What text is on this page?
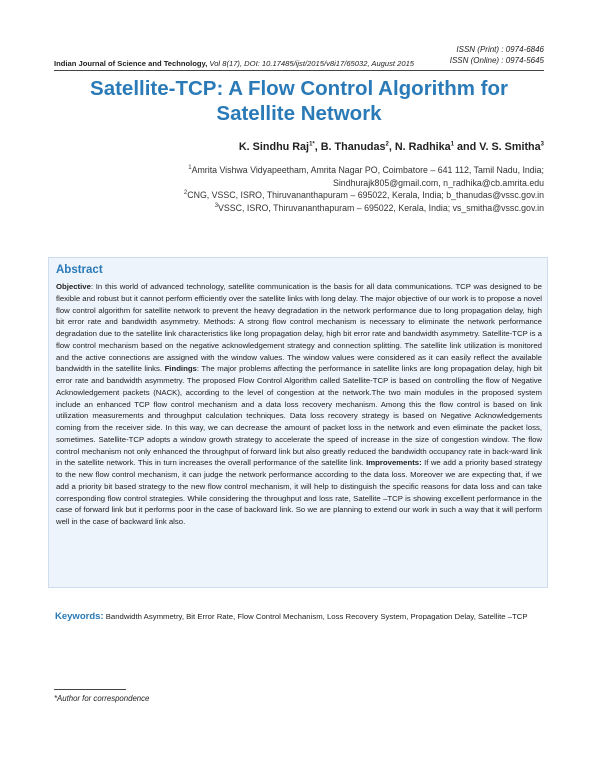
ISSN (Print) : 0974-6846
ISSN (Online) : 0974-5645
Indian Journal of Science and Technology, Vol 8(17), DOI: 10.17485/ijst/2015/v8i17/65032, August 2015
Satellite-TCP: A Flow Control Algorithm for Satellite Network
K. Sindhu Raj$^{1*}$, B. Thanudas$^2$, N. Radhika$^1$ and V. S. Smitha$^3$
$^1$Amrita Vishwa Vidyapeetham, Amrita Nagar PO, Coimbatore – 641 112, Tamil Nadu, India;
Sindhurajk805@gmail.com, n_radhika@cb.amrita.edu
$^2$CNG, VSSC, ISRO, Thiruvananthapuram – 695022, Kerala, India; b_thanudas@vssc.gov.in
$^3$VSSC, ISRO, Thiruvananthapuram – 695022, Kerala, India; vs_smitha@vssc.gov.in
Abstract
Objective: In this world of advanced technology, satellite communication is the basis for all data communications. TCP was designed to be flexible and robust but it cannot perform efficiently over the satellite links with long delay. The major objective of our work is to propose a novel flow control algorithm for satellite network to prevent the heavy degradation in the network performance due to long propagation delay, high bit error rate and bandwidth asymmetry. Methods: A strong flow control mechanism is necessary to eliminate the network performance degradation due to the satellite link characteristics like long propagation delay, high bit error rate and bandwidth asymmetry. Satellite-TCP is a flow control mechanism based on the negative acknowledgement strategy and connection splitting. The satellite link utilization is monitored and the active connections are assigned with the window values. The window values were considered as it can easily reflect the available bandwidth in the satellite links. Findings: The major problems affecting the performance in satellite links are long propagation delay, high bit error rate and bandwidth asymmetry. The proposed Flow Control Algorithm called Satellite-TCP is based on controlling the flow of Negative Acknowledgement packets (NACK), according to the level of congestion at the network.The two main modules in the proposed system include an enhanced TCP flow control mechanism and a data loss recovery mechanism. Among this the flow control is based on link utilization measurements and throughput calculation techniques. Data loss recovery strategy is based on Negative Acknowledgements coming from the receiver side. In this way, we can decrease the amount of packet loss in the network and even eliminate the packet loss, sometimes. Satellite-TCP adopts a window growth strategy to accelerate the speed of increase in the size of congestion window. The flow control mechanism not only enhanced the throughput of forward link but also greatly reduced the bandwidth occupancy rate in back-ward link in the satellite network. This in turn increases the overall performance of the satellite link. Improvements: If we add a priority based strategy to the new flow control mechanism, it can judge the network performance according to the data loss. Moreover we are expecting that, if we add a priority bit based strategy to the new flow control mechanism, it will help to distinguish the specific reasons for data loss and can take corresponding flow control strategies. While considering the throughput and loss rate, Satellite –TCP is showing excellent performance in the case of forward link but it performs poor in the case of backward link. So we are planning to extend our work in such a way that it will perform well in the case of backward link also.
Keywords: Bandwidth Asymmetry, Bit Error Rate, Flow Control Mechanism, Loss Recovery System, Propagation Delay, Satellite –TCP
*Author for correspondence
